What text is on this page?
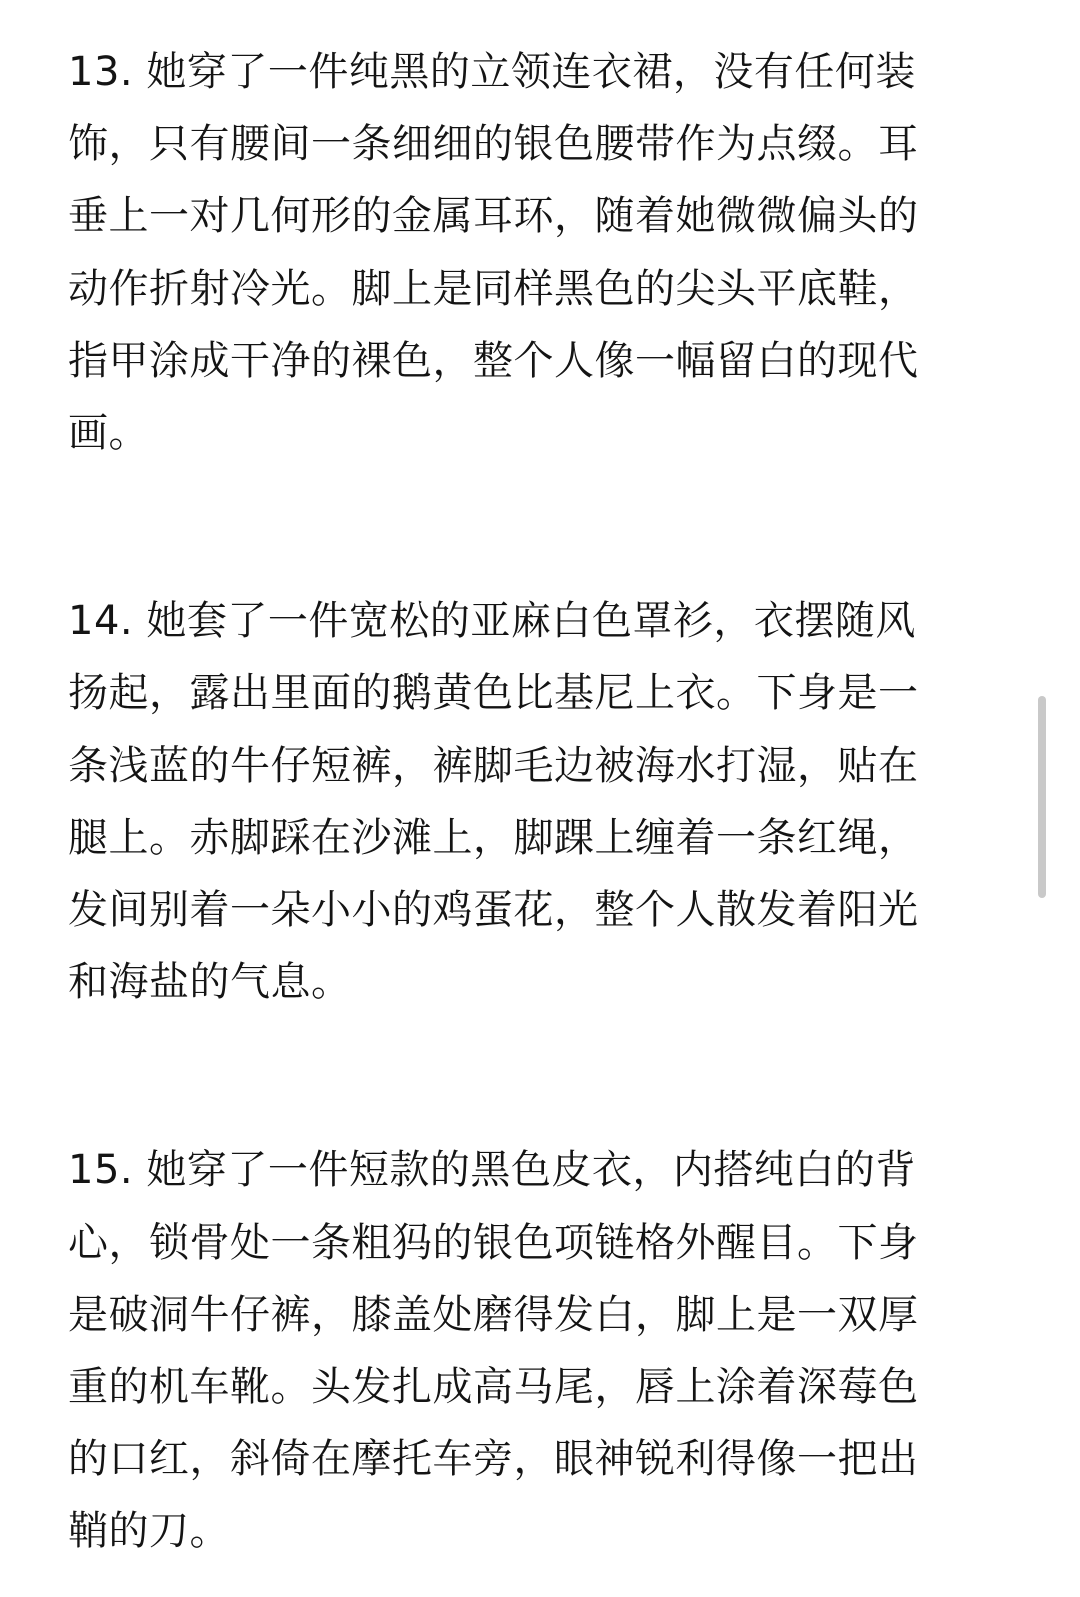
13. 她穿了一件纯黑的立领连衣裙，没有任何装
饰，只有腰间一条细细的银色腰带作为点缀。耳
垂上一对几何形的金属耳环，随着她微微偏头的
动作折射冷光。脚上是同样黑色的尖头平底鞋，
指甲涂成干净的裸色，整个人像一幅留白的现代
画。

14. 她套了一件宽松的亚麻白色罩衫，衣摆随风
扬起，露出里面的鹅黄色比基尼上衣。下身是一
条浅蓝的牛仔短裤，裤脚毛边被海水打湿，贴在
腿上。赤脚踩在沙滩上，脚踝上缠着一条红绳，
发间别着一朵小小的鸡蛋花，整个人散发着阳光
和海盐的气息。

15. 她穿了一件短款的黑色皮衣，内搭纯白的背
心，锁骨处一条粗犸的银色项链格外醒目。下身
是破洞牛仔裤，膝盖处磨得发白，脚上是一双厚
重的机车靴。头发扎成高马尾，唇上涂着深莓色
的口红，斜倚在摩托车旁，眼神锐利得像一把出
鞘的刀。
